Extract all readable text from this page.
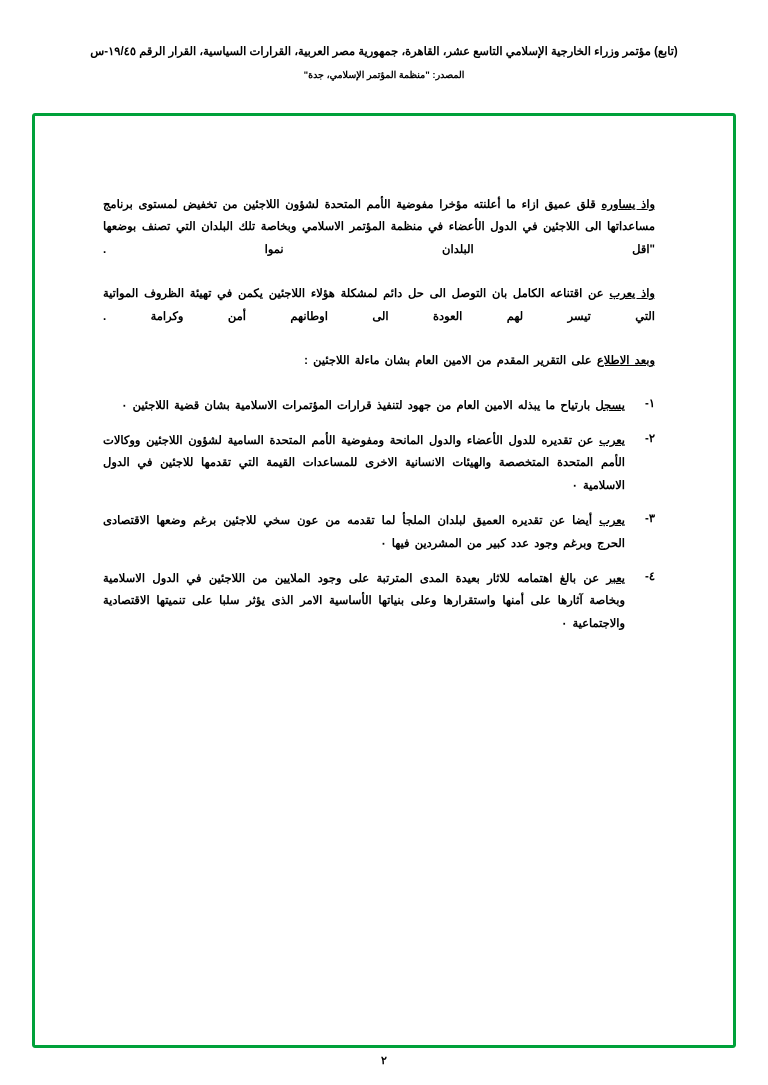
(تابع) مؤتمر وزراء الخارجية الإسلامي التاسع عشر، القاهرة، جمهورية مصر العربية، القرارات السياسية، القرار الرقم ١٩/٤٥-س
المصدر: "منظمة المؤتمر الإسلامي، جدة"
واذ يساوره قلق عميق ازاء ما أعلنته مؤخرا مفوضية الأمم المتحدة لشؤون اللاجئين من تخفيض لمستوى برنامج مساعداتها الى اللاجئين في الدول الأعضاء في منظمة المؤتمر الاسلامي وبخاصة تلك البلدان التي تصنف بوضعها "اقل البلدان نموا .
واذ يعرب عن اقتناعه الكامل بان التوصل الى حل دائم لمشكلة هؤلاء اللاجئين يكمن في تهيئة الظروف المواتية التي تيسر لهم العودة الى اوطانهم أمن وكرامة .
وبعد الاطلاع على التقرير المقدم من الامين العام بشان ماءلة اللاجئين :
١-
يسجل بارتياح ما يبذله الامين العام من جهود لتنفيذ قرارات المؤتمرات الاسلامية بشان قضية اللاجئين ٠
٢-
يعرب عن تقديره للدول الأعضاء والدول المانحة ومفوضية الأمم المتحدة السامية لشؤون اللاجئين ووكالات الأمم المتحدة المتخصصة والهيئات الانسانية الاخرى للمساعدات القيمة التي تقدمها للاجئين في الدول الاسلامية ٠
٣-
يعرب أيضا عن تقديره العميق لبلدان الملجأ لما تقدمه من عون سخي للاجئين برغم وضعها الاقتصادى الحرج وبرغم وجود عدد كبير من المشردين فيها ٠
٤-
يعبر عن بالغ اهتمامه للاثار بعيدة المدى المترتبة على وجود الملايين من اللاجئين في الدول الاسلامية وبخاصة آثارها على أمنها واستقرارها وعلى بنياتها الأساسية الامر الذى يؤثر سلبا على تنميتها الاقتصادية والاجتماعية ٠
٢
